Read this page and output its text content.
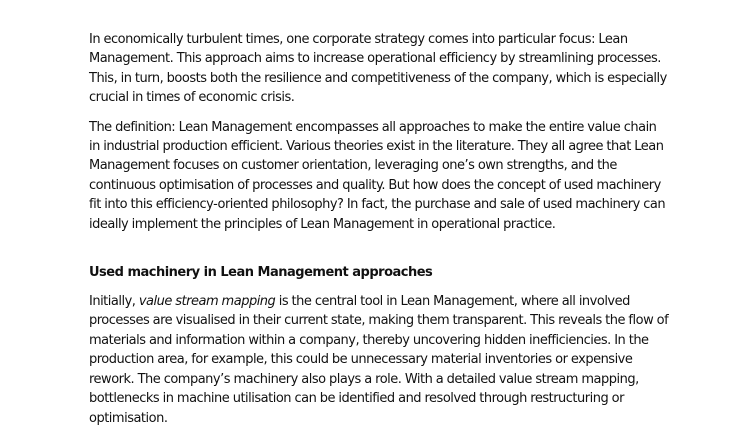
In economically turbulent times, one corporate strategy comes into particular focus: Lean Management. This approach aims to increase operational efficiency by streamlining processes. This, in turn, boosts both the resilience and competitiveness of the company, which is especially crucial in times of economic crisis.

The definition: Lean Management encompasses all approaches to make the entire value chain in industrial production efficient. Various theories exist in the literature. They all agree that Lean Management focuses on customer orientation, leveraging one’s own strengths, and the continuous optimisation of processes and quality. But how does the concept of used machinery fit into this efficiency-oriented philosophy? In fact, the purchase and sale of used machinery can ideally implement the principles of Lean Management in operational practice.

Used machinery in Lean Management approaches

Initially, value stream mapping is the central tool in Lean Management, where all involved processes are visualised in their current state, making them transparent. This reveals the flow of materials and information within a company, thereby uncovering hidden inefficiencies. In the production area, for example, this could be unnecessary material inventories or expensive rework. The company’s machinery also plays a role. With a detailed value stream mapping, bottlenecks in machine utilisation can be identified and resolved through restructuring or optimisation.
